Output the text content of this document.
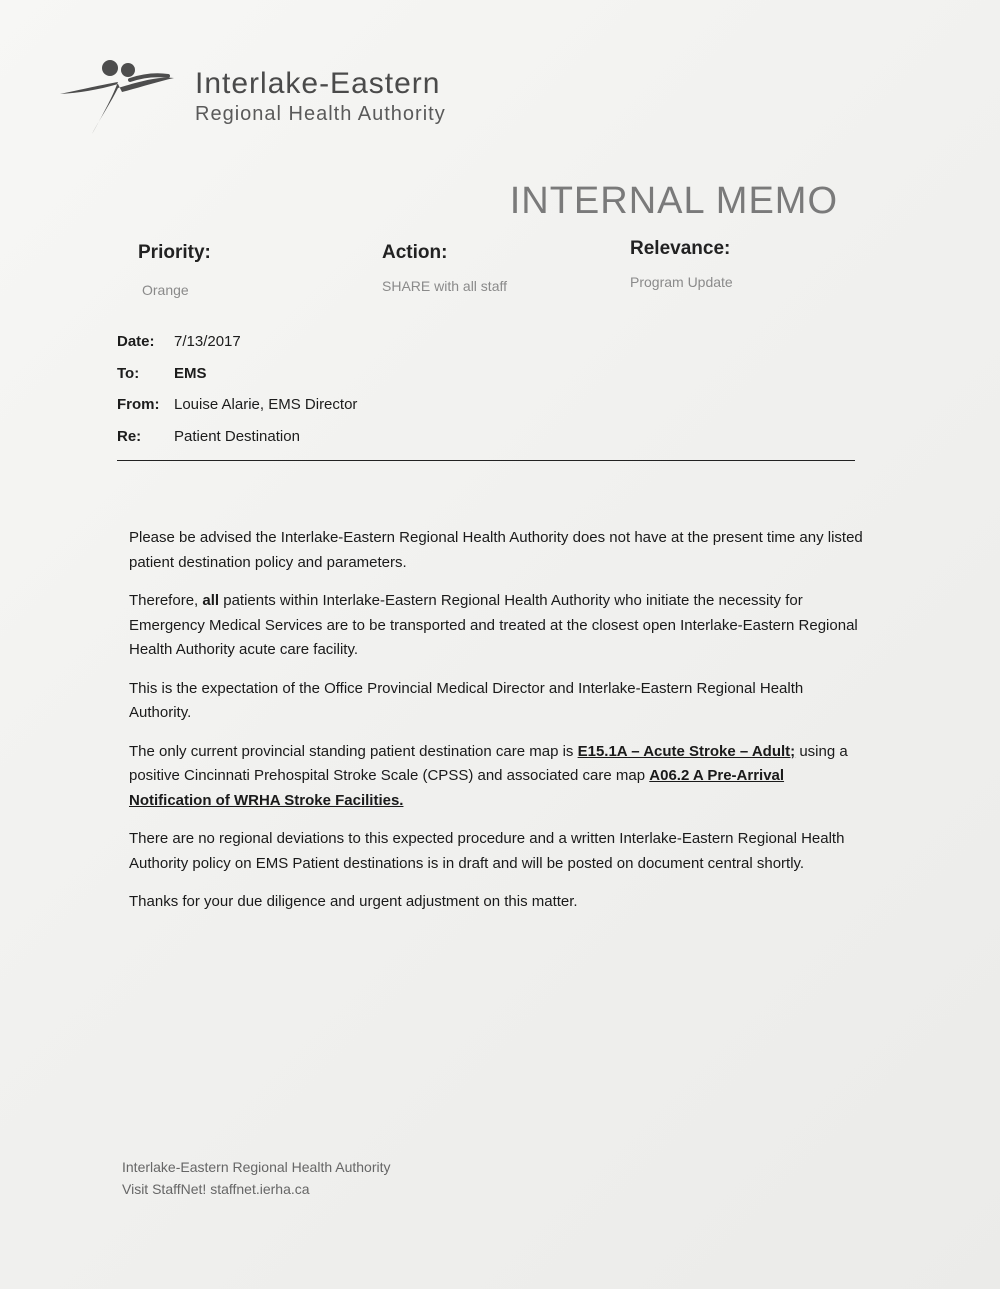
Interlake-Eastern
Regional Health Authority
INTERNAL MEMO
Priority:
Orange
Action:
SHARE with all staff
Relevance:
Program Update
Date:	7/13/2017
To:	EMS
From: Louise Alarie, EMS Director
Re:	Patient Destination

Please be advised the Interlake-Eastern Regional Health Authority does not have at the present time any listed patient destination policy and parameters.

Therefore, all patients within Interlake-Eastern Regional Health Authority who initiate the necessity for Emergency Medical Services are to be transported and treated at the closest open Interlake-Eastern Regional Health Authority acute care facility.

This is the expectation of the Office Provincial Medical Director and Interlake-Eastern Regional Health Authority.

The only current provincial standing patient destination care map is E15.1A – Acute Stroke – Adult; using a positive Cincinnati Prehospital Stroke Scale (CPSS) and associated care map A06.2 A Pre-Arrival Notification of WRHA Stroke Facilities.

There are no regional deviations to this expected procedure and a written Interlake-Eastern Regional Health Authority policy on EMS Patient destinations is in draft and will be posted on document central shortly.

Thanks for your due diligence and urgent adjustment on this matter.

Interlake-Eastern Regional Health Authority
Visit StaffNet! staffnet.ierha.ca
